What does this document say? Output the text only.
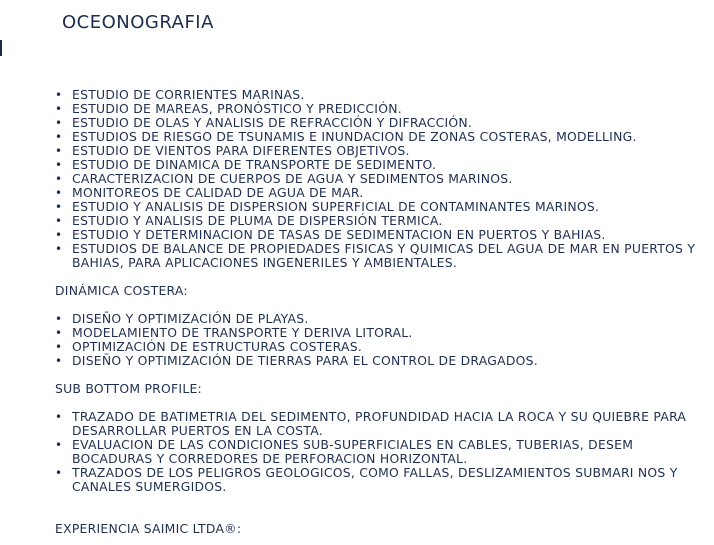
OCEONOGRAFIA
• ESTUDIO DE CORRIENTES MARINAS.
• ESTUDIO DE MAREAS, PRONÓSTICO Y PREDICCIÓN.
• ESTUDIO DE OLAS Y ANALISIS DE REFRACCIÓN Y DIFRACCIÓN.
• ESTUDIOS DE RIESGO DE TSUNAMIS E INUNDACION DE ZONAS COSTERAS, MODELLING.
• ESTUDIO DE VIENTOS PARA DIFERENTES OBJETIVOS.
• ESTUDIO DE DINAMICA DE TRANSPORTE DE SEDIMENTO.
• CARACTERIZACION DE CUERPOS DE AGUA Y SEDIMENTOS MARINOS.
• MONITOREOS DE CALIDAD DE AGUA DE MAR.
• ESTUDIO Y ANALISIS DE DISPERSION SUPERFICIAL DE CONTAMINANTES MARINOS.
• ESTUDIO Y ANALISIS DE PLUMA DE DISPERSIÓN TERMICA.
• ESTUDIO Y DETERMINACION DE TASAS DE SEDIMENTACION EN PUERTOS Y BAHIAS.
• ESTUDIOS DE BALANCE DE PROPIEDADES FISICAS Y QUIMICAS DEL AGUA DE MAR EN PUERTOS Y BAHIAS, PARA APLICACIONES INGENERILES Y AMBIENTALES.

DINÁMICA COSTERA:

• DISEÑO Y OPTIMIZACIÓN DE PLAYAS.
• MODELAMIENTO DE TRANSPORTE Y DERIVA LITORAL.
• OPTIMIZACIÓN DE ESTRUCTURAS COSTERAS.
• DISEÑO Y OPTIMIZACIÓN DE TIERRAS PARA EL CONTROL DE DRAGADOS.

SUB BOTTOM PROFILE:

• TRAZADO DE BATIMETRIA DEL SEDIMENTO, PROFUNDIDAD HACIA LA ROCA Y SU QUIEBRE PARA DESARROLLAR PUERTOS EN LA COSTA.
• EVALUACION DE LAS CONDICIONES SUB-SUPERFICIALES EN CABLES, TUBERIAS, DESEM BOCADURAS Y CORREDORES DE PERFORACION HORIZONTAL.
• TRAZADOS DE LOS PELIGROS GEOLOGICOS, COMO FALLAS, DESLIZAMIENTOS SUBMARI NOS Y CANALES SUMERGIDOS.

EXPERIENCIA SAIMIC LTDA®:
